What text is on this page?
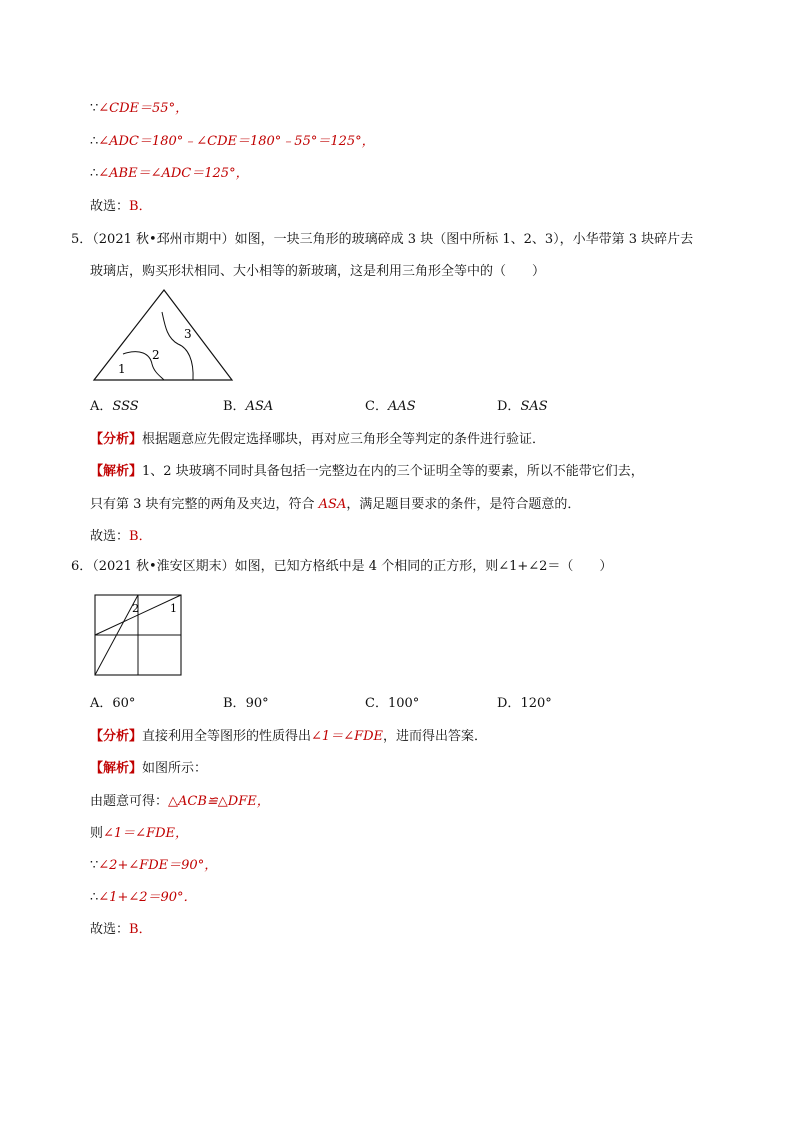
∵∠CDE＝55°，
∴∠ADC＝180°﹣∠CDE＝180°﹣55°＝125°，
∴∠ABE＝∠ADC＝125°，
故选：B．
5．（2021 秋•邳州市期中）如图，一块三角形的玻璃碎成 3 块（图中所标 1、2、3），小华带第 3 块碎片去
玻璃店，购买形状相同、大小相等的新玻璃，这是利用三角形全等中的（　　）
1
2
3
A．SSS	B．ASA	C．AAS	D．SAS
【分析】根据题意应先假定选择哪块，再对应三角形全等判定的条件进行验证．
【解析】1、2 块玻璃不同时具备包括一完整边在内的三个证明全等的要素，所以不能带它们去，
只有第 3 块有完整的两角及夹边，符合 ASA，满足题目要求的条件，是符合题意的．
故选：B．
6．（2021 秋•淮安区期末）如图，已知方格纸中是 4 个相同的正方形，则∠1+∠2＝（　　）
2	1
A．60°	B．90°	C．100°	D．120°
【分析】直接利用全等图形的性质得出∠1＝∠FDE，进而得出答案．
【解析】如图所示：
由题意可得：△ACB≌△DFE，
则∠1＝∠FDE，
∵∠2+∠FDE＝90°，
∴∠1+∠2＝90°．
故选：B．
